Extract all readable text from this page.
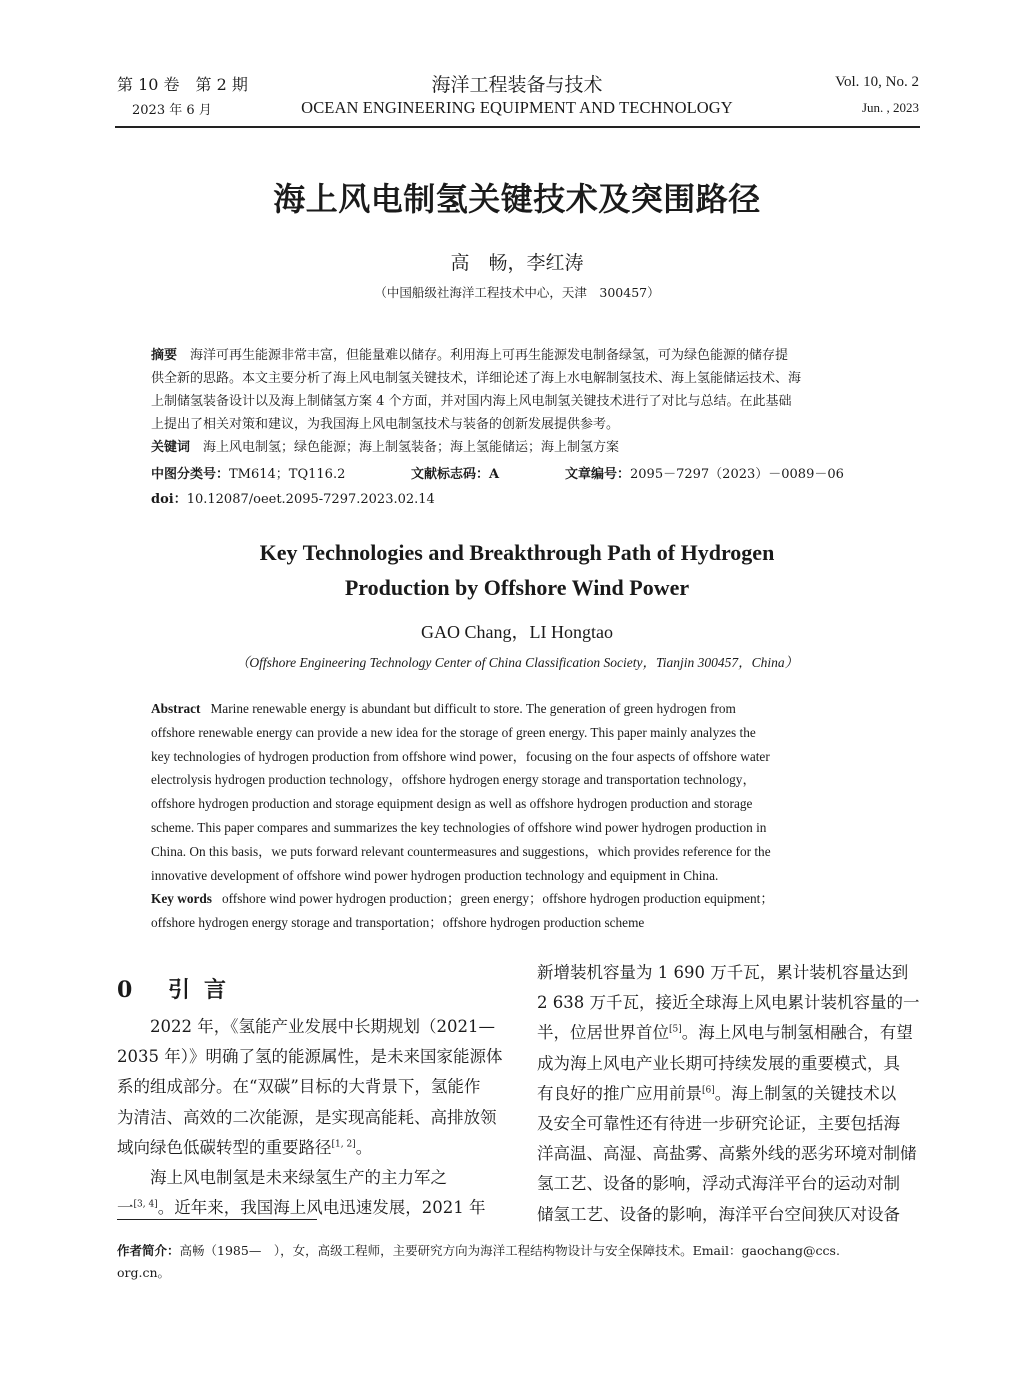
第 10 卷　第 2 期
2023 年 6 月
海洋工程装备与技术
OCEAN ENGINEERING EQUIPMENT AND TECHNOLOGY
Vol. 10, No. 2
Jun. , 2023
海上风电制氢关键技术及突围路径
高　畅，李红涛
（中国船级社海洋工程技术中心，天津　300457）
摘要　 海洋可再生能源非常丰富，但能量难以储存。利用海上可再生能源发电制备绿氢，可为绿色能源的储存提
供全新的思路。本文主要分析了海上风电制氢关键技术，详细论述了海上水电解制氢技术、海上氢能储运技术、海
上制储氢装备设计以及海上制储氢方案 4 个方面，并对国内海上风电制氢关键技术进行了对比与总结。在此基础
上提出了相关对策和建议，为我国海上风电制氢技术与装备的创新发展提供参考。
关键词　 海上风电制氢；绿色能源；海上制氢装备；海上氢能储运；海上制氢方案
中图分类号：TM614；TQ116.2	文献标志码：A	文章编号：2095－7297（2023）－0089－06
doi：10.12087/oeet.2095-7297.2023.02.14
Key Technologies and Breakthrough Path of Hydrogen
Production by Offshore Wind Power
GAO Chang，LI Hongtao
（Offshore Engineering Technology Center of China Classification Society，Tianjin 300457，China）
Abstract Marine renewable energy is abundant but difficult to store. The generation of green hydrogen from
offshore renewable energy can provide a new idea for the storage of green energy. This paper mainly analyzes the
key technologies of hydrogen production from offshore wind power，focusing on the four aspects of offshore water
electrolysis hydrogen production technology，offshore hydrogen energy storage and transportation technology，
offshore hydrogen production and storage equipment design as well as offshore hydrogen production and storage
scheme. This paper compares and summarizes the key technologies of offshore wind power hydrogen production in
China. On this basis，we puts forward relevant countermeasures and suggestions，which provides reference for the
innovative development of offshore wind power hydrogen production technology and equipment in China.
Key words offshore wind power hydrogen production；green energy；offshore hydrogen production equipment；
offshore hydrogen energy storage and transportation；offshore hydrogen production scheme
0 引言
2022 年，《氢能产业发展中长期规划（2021—
2035 年）》明确了氢的能源属性，是未来国家能源体
系的组成部分。在“双碳”目标的大背景下，氢能作
为清洁、高效的二次能源，是实现高能耗、高排放领
域向绿色低碳转型的重要路径[1, 2]。
海上风电制氢是未来绿氢生产的主力军之
一[3, 4]。近年来，我国海上风电迅速发展，2021 年
新增装机容量为 1 690 万千瓦，累计装机容量达到
2 638 万千瓦，接近全球海上风电累计装机容量的一
半，位居世界首位[5]。海上风电与制氢相融合，有望
成为海上风电产业长期可持续发展的重要模式，具
有良好的推广应用前景[6]。海上制氢的关键技术以
及安全可靠性还有待进一步研究论证，主要包括海
洋高温、高湿、高盐雾、高紫外线的恶劣环境对制储
氢工艺、设备的影响，浮动式海洋平台的运动对制
储氢工艺、设备的影响，海洋平台空间狭仄对设备
作者简介：高畅（1985—　），女，高级工程师，主要研究方向为海洋工程结构物设计与安全保障技术。Email：gaochang@ccs.
org.cn。
